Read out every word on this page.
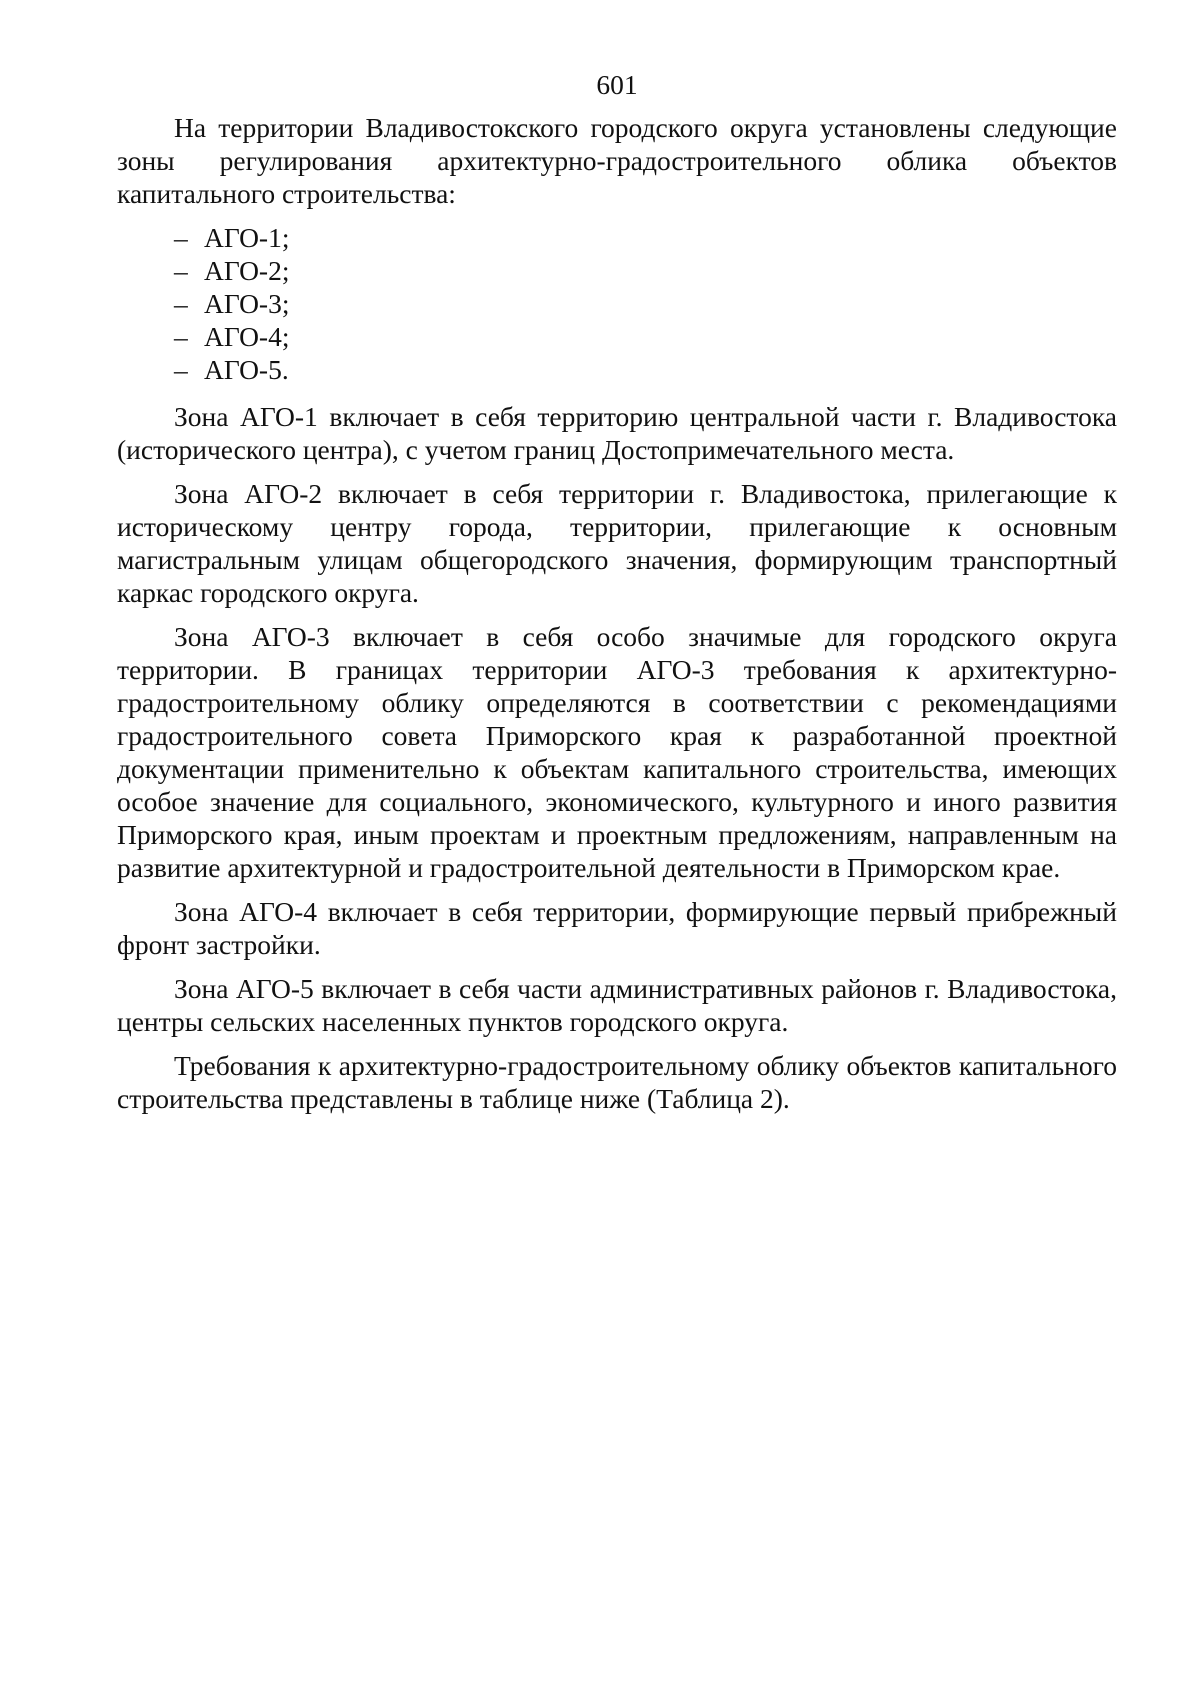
601

На территории Владивостокского городского округа установлены следующие зоны регулирования архитектурно-градостроительного облика объектов капитального строительства:

– АГО-1;
– АГО-2;
– АГО-3;
– АГО-4;
– АГО-5.

Зона АГО-1 включает в себя территорию центральной части г. Владивостока (исторического центра), с учетом границ Достопримечательного места.

Зона АГО-2 включает в себя территории г. Владивостока, прилегающие к историческому центру города, территории, прилегающие к основным магистральным улицам общегородского значения, формирующим транспортный каркас городского округа.

Зона АГО-3 включает в себя особо значимые для городского округа территории. В границах территории АГО-3 требования к архитектурно-градостроительному облику определяются в соответствии с рекомендациями градостроительного совета Приморского края к разработанной проектной документации применительно к объектам капитального строительства, имеющих особое значение для социального, экономического, культурного и иного развития Приморского края, иным проектам и проектным предложениям, направленным на развитие архитектурной и градостроительной деятельности в Приморском крае.

Зона АГО-4 включает в себя территории, формирующие первый прибрежный фронт застройки.

Зона АГО-5 включает в себя части административных районов г. Владивостока, центры сельских населенных пунктов городского округа.

Требования к архитектурно-градостроительному облику объектов капитального строительства представлены в таблице ниже (Таблица 2).
